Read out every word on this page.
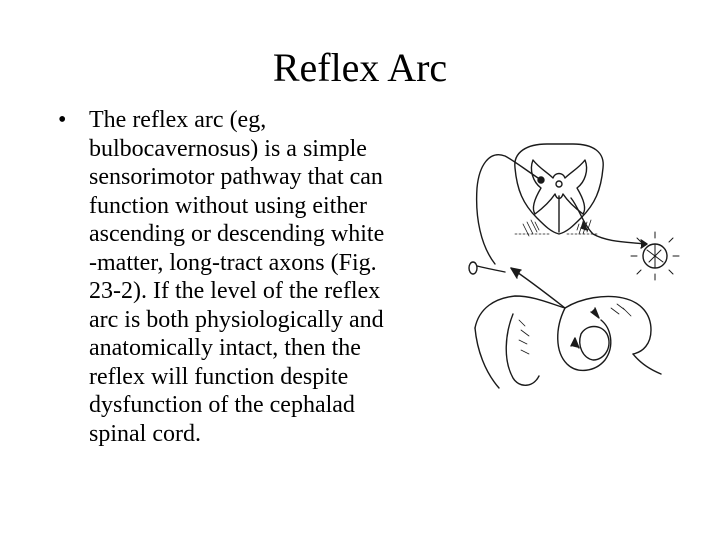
Reflex Arc
• The reflex arc (eg,
bulbocavernosus) is a simple
sensorimotor pathway that can
function without using either
ascending or descending white
-matter, long-tract axons (Fig.
23-2). If the level of the reflex
arc is both physiologically and
anatomically intact, then the
reflex will function despite
dysfunction of the cephalad
spinal cord.
